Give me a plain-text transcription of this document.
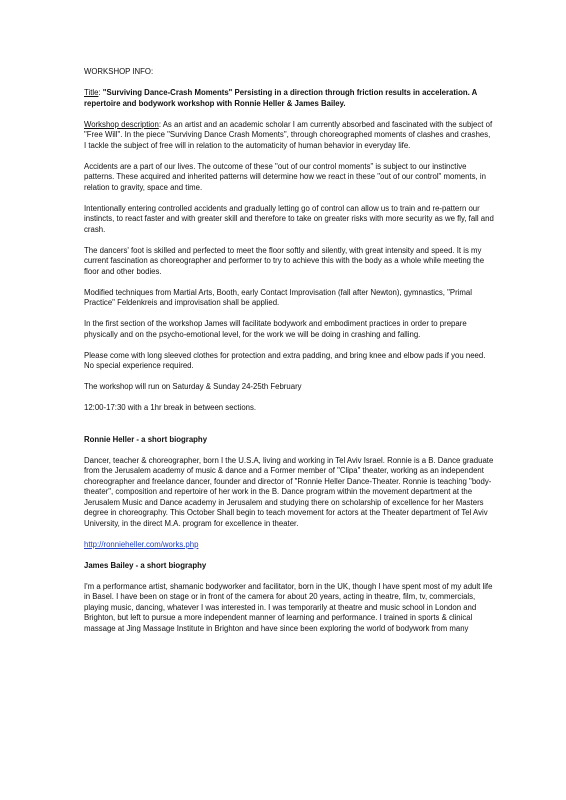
WORKSHOP INFO:

Title: "Surviving Dance-Crash Moments" Persisting in a direction through friction results in acceleration. A repertoire and bodywork workshop with Ronnie Heller & James Bailey.

Workshop description: As an artist and an academic scholar I am currently absorbed and fascinated with the subject of "Free Will". In the piece "Surviving Dance Crash Moments", through choreographed moments of clashes and crashes, I tackle the subject of free will in relation to the automaticity of human behavior in everyday life.

Accidents are a part of our lives. The outcome of these "out of our control moments" is subject to our instinctive patterns. These acquired and inherited patterns will determine how we react in these "out of our control" moments, in relation to gravity, space and time.

Intentionally entering controlled accidents and gradually letting go of control can allow us to train and re-pattern our instincts, to react faster and with greater skill and therefore to take on greater risks with more security as we fly, fall and crash.

The dancers' foot is skilled and perfected to meet the floor softly and silently, with great intensity and speed. It is my current fascination as choreographer and performer to try to achieve this with the body as a whole while meeting the floor and other bodies.

Modified techniques from Martial Arts, Booth, early Contact Improvisation (fall after Newton), gymnastics, "Primal Practice" Feldenkreis and improvisation shall be applied.

In the first section of the workshop James will facilitate bodywork and embodiment practices in order to prepare physically and on the psycho-emotional level, for the work we will be doing in crashing and falling.

Please come with long sleeved clothes for protection and extra padding, and bring knee and elbow pads if you need. No special experience required.

The workshop will run on Saturday & Sunday 24-25th February

12:00-17:30 with a 1hr break in between sections.

Ronnie Heller - a short biography

Dancer, teacher & choreographer, born I the U.S.A, living and working in Tel Aviv Israel. Ronnie is a B. Dance graduate from the Jerusalem academy of music & dance and a Former member of "Clipa" theater, working as an independent choreographer and freelance dancer, founder and director of "Ronnie Heller Dance-Theater. Ronnie is teaching "body- theater", composition and repertoire of her work in the B. Dance program within the movement department at the Jerusalem Music and Dance academy in Jerusalem and studying there on scholarship of excellence for her Masters degree in choreography. This October Shall begin to teach movement for actors at the Theater department of Tel Aviv University, in the direct M.A. program for excellence in theater.

http://ronnieheller.com/works.php

James Bailey - a short biography

I'm a performance artist, shamanic bodyworker and facilitator, born in the UK, though I have spent most of my adult life in Basel. I have been on stage or in front of the camera for about 20 years, acting in theatre, film, tv, commercials, playing music, dancing, whatever I was interested in. I was temporarily at theatre and music school in London and Brighton, but left to pursue a more independent manner of learning and performance. I trained in sports & clinical massage at Jing Massage Institute in Brighton and have since been exploring the world of bodywork from many
